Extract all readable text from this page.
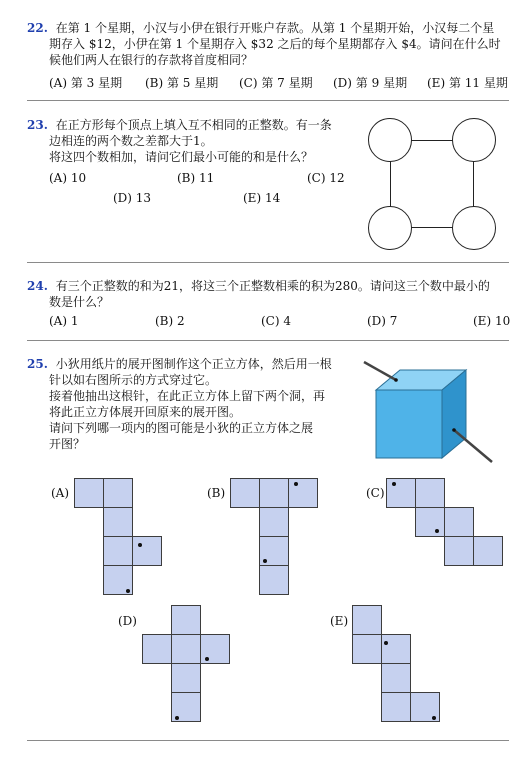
22. 在第 1 个星期，小汉与小伊在银行开账户存款。从第 1 个星期开始，小汉每二个星

期存入 $12，小伊在第 1 个星期存入 $32 之后的每个星期都存入 $4。请问在什么时

候他们两人在银行的存款将首度相同？

(A) 第 3 星期 (B) 第 5 星期 (C) 第 7 星期 (D) 第 9 星期 (E) 第 11 星期

23. 在正方形每个顶点上填入互不相同的正整数。有一条

边相连的两个数之差都大于1。

将这四个数相加，请问它们最小可能的和是什么？

(A) 10	(B) 11	(C) 12
(D) 13	(E) 14

24. 有三个正整数的和为21，将这三个正整数相乘的积为280。请问这三个数中最小的

数是什么？

(A) 1	(B) 2	(C) 4	(D) 7	(E) 10

25. 小狄用纸片的展开图制作这个正立方体，然后用一根

针以如右图所示的方式穿过它。

接着他抽出这根针，在此正立方体上留下两个洞，再

将此正立方体展开回原来的展开图。

请问下列哪一项内的图可能是小狄的正立方体之展

开图？

(A)	(B)	(C)
(D)	(E)
